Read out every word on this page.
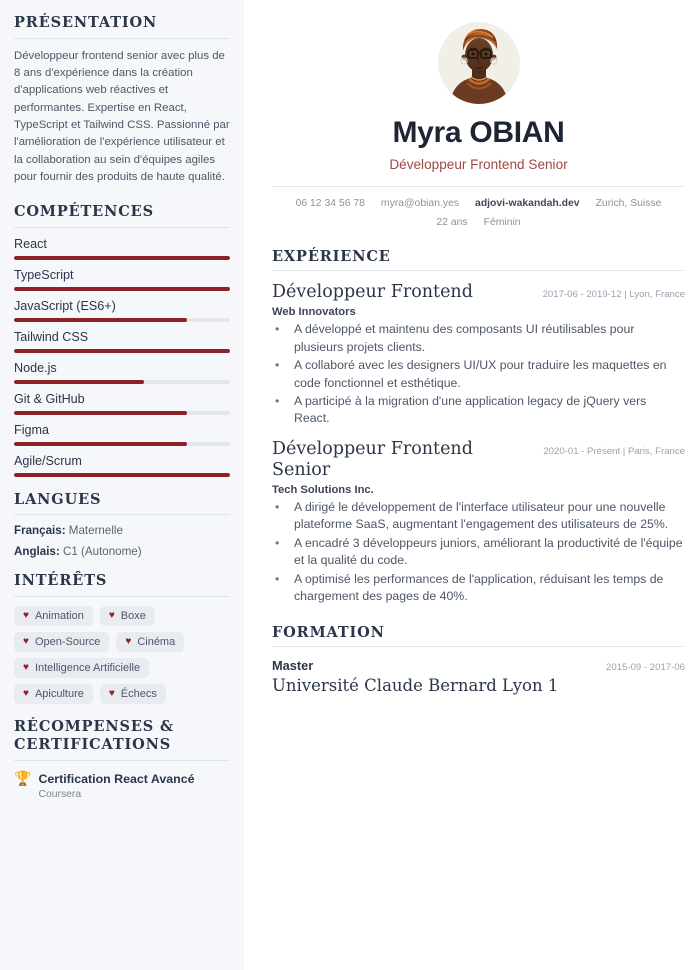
PRÉSENTATION

Développeur frontend senior avec plus de 8 ans d'expérience dans la création d'applications web réactives et performantes. Expertise en React, TypeScript et Tailwind CSS. Passionné par l'amélioration de l'expérience utilisateur et la collaboration au sein d'équipes agiles pour fournir des produits de haute qualité.

COMPÉTENCES
React
TypeScript
JavaScript (ES6+)
Tailwind CSS
Node.js
Git & GitHub
Figma
Agile/Scrum
LANGUES
Français: Maternelle
Anglais: C1 (Autonome)
INTÉRÊTS
♥ Animation	♥ Boxe
♥ Open-Source	♥ Cinéma
♥ Intelligence Artificielle
♥ Apiculture	♥ Échecs
RÉCOMPENSES & CERTIFICATIONS
🏆 Certification React Avancé
Coursera
Myra OBIAN
Développeur Frontend Senior
06 12 34 56 78 myra@obian.yes adjovi-wakandah.dev Zurich, Suisse
22 ans Féminin
EXPÉRIENCE
Développeur Frontend	2017-06 - 2019-12 | Lyon, France
Web Innovators
• A développé et maintenu des composants UI réutilisables pour plusieurs projets clients.
• A collaboré avec les designers UI/UX pour traduire les maquettes en code fonctionnel et esthétique.
• A participé à la migration d'une application legacy de jQuery vers React.
Développeur Frontend Senior
2020-01 - Présent | Paris, France
Tech Solutions Inc.
• A dirigé le développement de l'interface utilisateur pour une nouvelle plateforme SaaS, augmentant l'engagement des utilisateurs de 25%.
• A encadré 3 développeurs juniors, améliorant la productivité de l'équipe et la qualité du code.
• A optimisé les performances de l'application, réduisant les temps de chargement des pages de 40%.
FORMATION
Master	2015-09 - 2017-06
Université Claude Bernard Lyon 1
